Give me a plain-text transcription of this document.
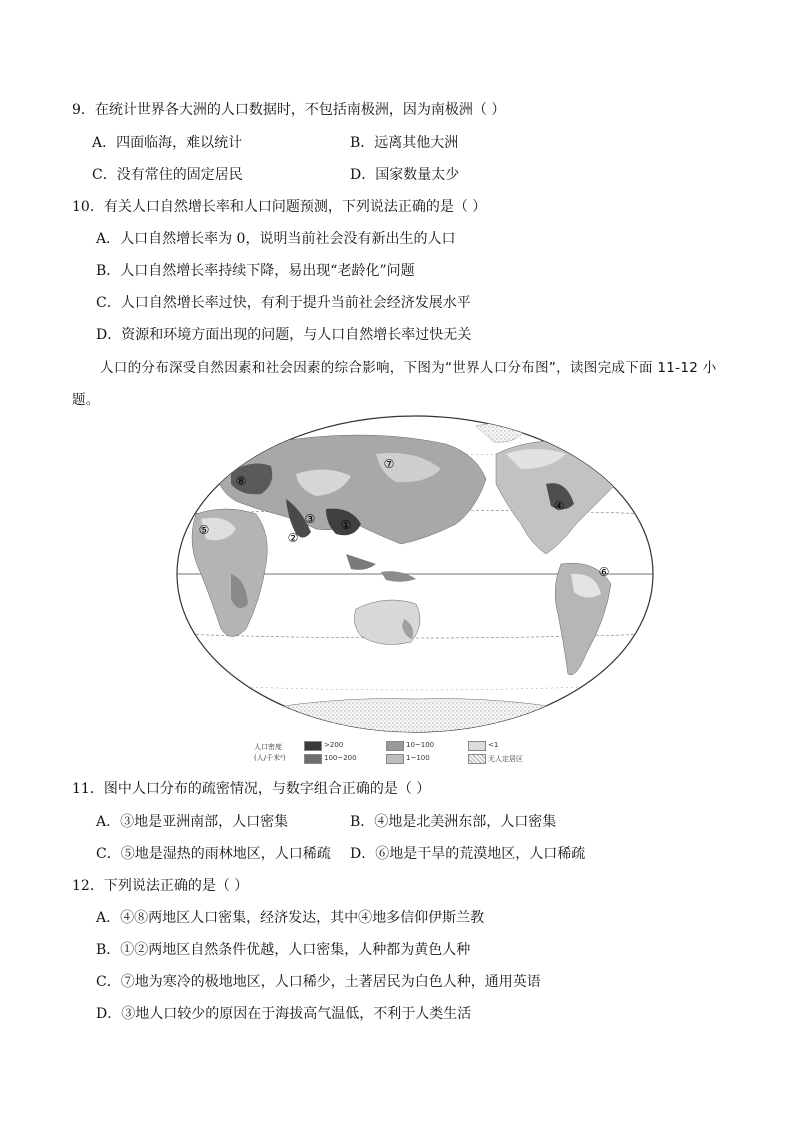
9．在统计世界各大洲的人口数据时，不包括南极洲，因为南极洲（ ）
A．四面临海，难以统计	B．远离其他大洲
C．没有常住的固定居民	D．国家数量太少
10．有关人口自然增长率和人口问题预测，下列说法正确的是（ ）
A．人口自然增长率为 0，说明当前社会没有新出生的人口
B．人口自然增长率持续下降，易出现“老龄化”问题
C．人口自然增长率过快，有利于提升当前社会经济发展水平
D．资源和环境方面出现的问题，与人口自然增长率过快无关
人口的分布深受自然因素和社会因素的综合影响，下图为“世界人口分布图”，读图完成下面 11-12 小
题。
①
②
③
④
⑤
⑥
⑦
⑧
人口密度
(人/千米²)
>200
100~200
10~100
1~100
<1
无人定居区
11．图中人口分布的疏密情况，与数字组合正确的是（ ）
A．③地是亚洲南部，人口密集	B．④地是北美洲东部，人口密集
C．⑤地是湿热的雨林地区，人口稀疏 D．⑥地是干旱的荒漠地区，人口稀疏
12．下列说法正确的是（ ）
A．④⑧两地区人口密集，经济发达，其中④地多信仰伊斯兰教
B．①②两地区自然条件优越，人口密集，人种都为黄色人种
C．⑦地为寒冷的极地地区，人口稀少，土著居民为白色人种，通用英语
D．③地人口较少的原因在于海拔高气温低，不利于人类生活
